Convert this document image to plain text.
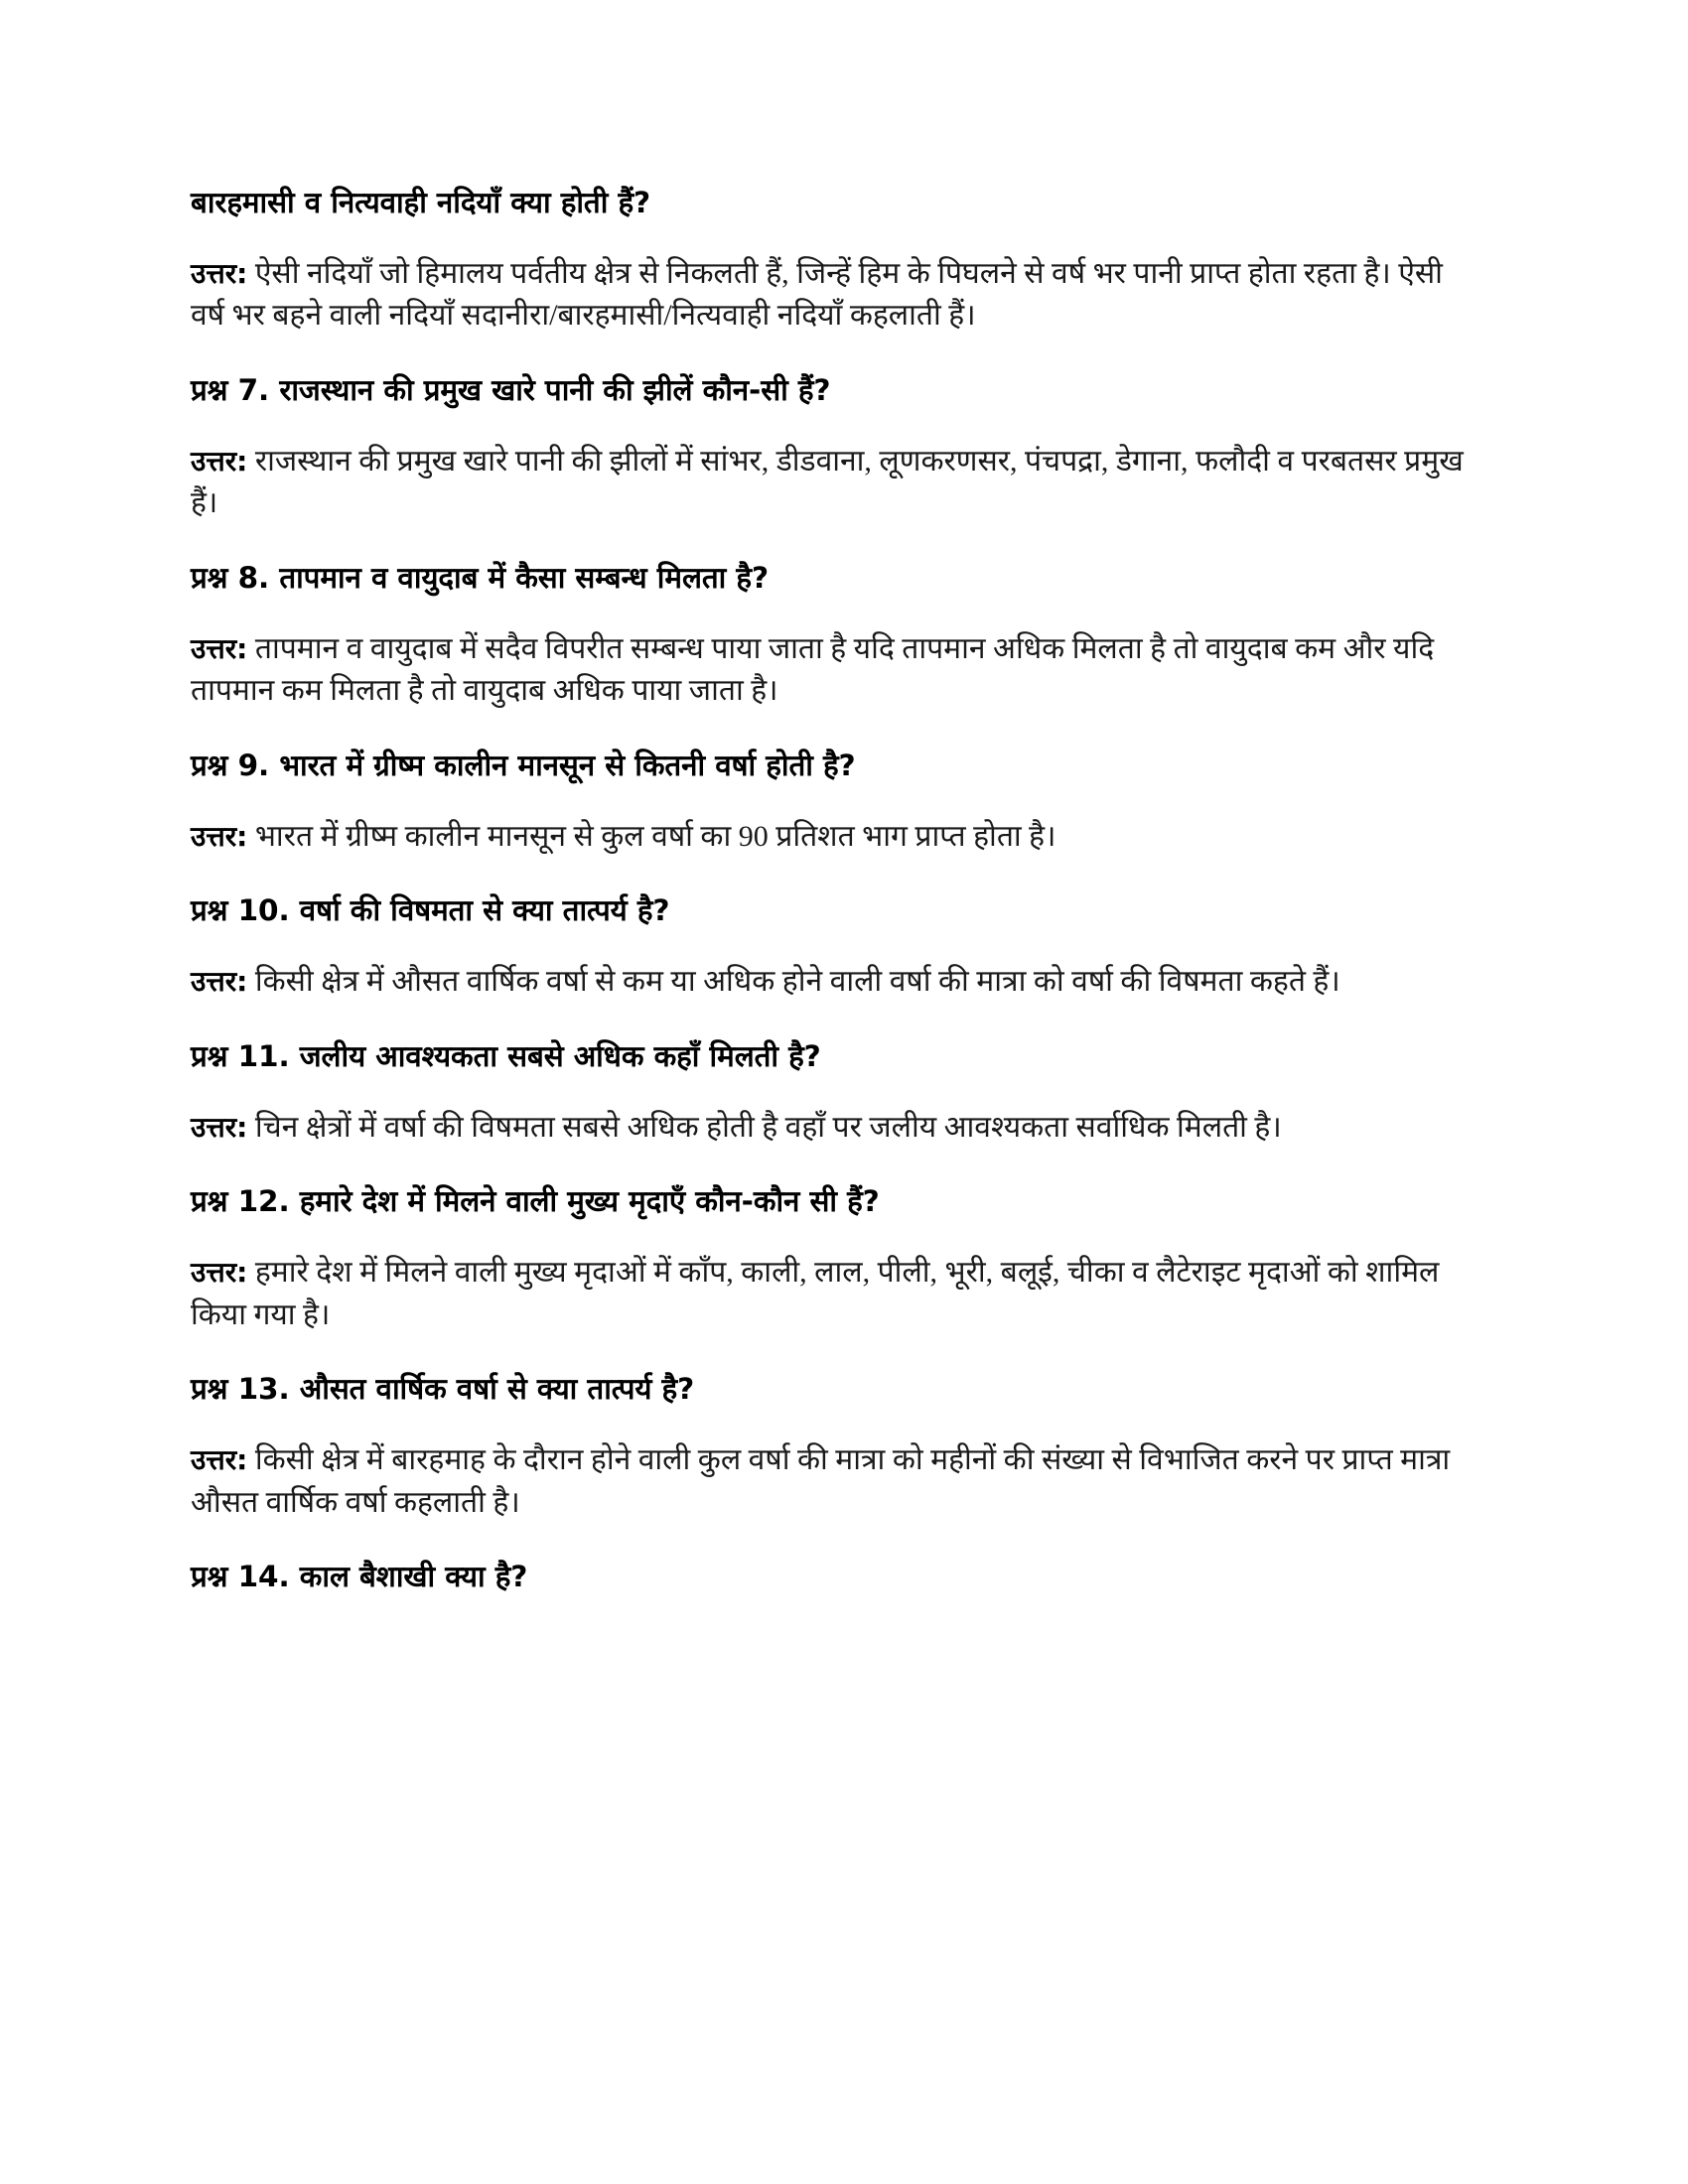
बारहमासी व नित्यवाही नदियाँ क्या होती हैं?

उत्तर: ऐसी नदियाँ जो हिमालय पर्वतीय क्षेत्र से निकलती हैं, जिन्हें हिम के पिघलने से वर्ष भर पानी प्राप्त होता रहता है। ऐसी वर्ष भर बहने वाली नदियाँ सदानीरा/बारहमासी/नित्यवाही नदियाँ कहलाती हैं।

प्रश्न 7. राजस्थान की प्रमुख खारे पानी की झीलें कौन-सी हैं?

उत्तर: राजस्थान की प्रमुख खारे पानी की झीलों में सांभर, डीडवाना, लूणकरणसर, पंचपद्रा, डेगाना, फलौदी व परबतसर प्रमुख हैं।

प्रश्न 8. तापमान व वायुदाब में कैसा सम्बन्ध मिलता है?

उत्तर: तापमान व वायुदाब में सदैव विपरीत सम्बन्ध पाया जाता है यदि तापमान अधिक मिलता है तो वायुदाब कम और यदि तापमान कम मिलता है तो वायुदाब अधिक पाया जाता है।

प्रश्न 9. भारत में ग्रीष्म कालीन मानसून से कितनी वर्षा होती है?

उत्तर: भारत में ग्रीष्म कालीन मानसून से कुल वर्षा का 90 प्रतिशत भाग प्राप्त होता है।

प्रश्न 10. वर्षा की विषमता से क्या तात्पर्य है?

उत्तर: किसी क्षेत्र में औसत वार्षिक वर्षा से कम या अधिक होने वाली वर्षा की मात्रा को वर्षा की विषमता कहते हैं।

प्रश्न 11. जलीय आवश्यकता सबसे अधिक कहाँ मिलती है?

उत्तर: चिन क्षेत्रों में वर्षा की विषमता सबसे अधिक होती है वहाँ पर जलीय आवश्यकता सर्वाधिक मिलती है।

प्रश्न 12. हमारे देश में मिलने वाली मुख्य मृदाएँ कौन-कौन सी हैं?

उत्तर: हमारे देश में मिलने वाली मुख्य मृदाओं में काँप, काली, लाल, पीली, भूरी, बलूई, चीका व लैटेराइट मृदाओं को शामिल किया गया है।

प्रश्न 13. औसत वार्षिक वर्षा से क्या तात्पर्य है?

उत्तर: किसी क्षेत्र में बारहमाह के दौरान होने वाली कुल वर्षा की मात्रा को महीनों की संख्या से विभाजित करने पर प्राप्त मात्रा औसत वार्षिक वर्षा कहलाती है।

प्रश्न 14. काल बैशाखी क्या है?
